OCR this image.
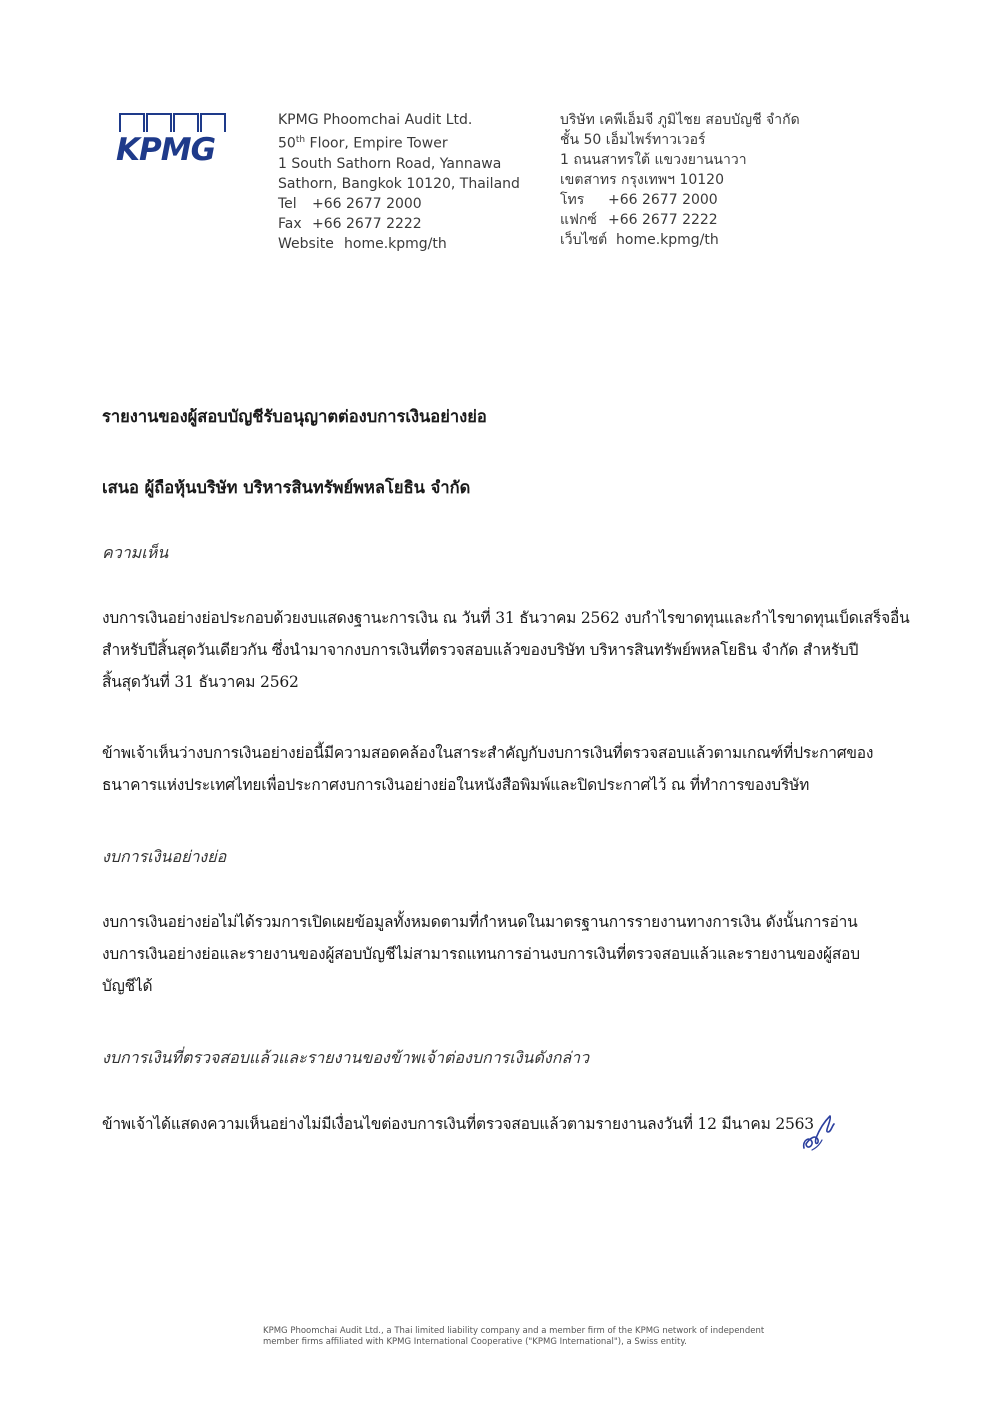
KPMG
KPMG Phoomchai Audit Ltd.
50th Floor, Empire Tower
1 South Sathorn Road, Yannawa
Sathorn, Bangkok 10120, Thailand
Tel +66 2677 2000
Fax +66 2677 2222
Website home.kpmg/th
บริษัท เคพีเอ็มจี ภูมิไชย สอบบัญชี จำกัด
ชั้น 50 เอ็มไพร์ทาวเวอร์
1 ถนนสาทรใต้ แขวงยานนาวา
เขตสาทร กรุงเทพฯ 10120
โทร +66 2677 2000
แฟกซ์ +66 2677 2222
เว็บไซต์ home.kpmg/th
รายงานของผู้สอบบัญชีรับอนุญาตต่องบการเงินอย่างย่อ
เสนอ ผู้ถือหุ้นบริษัท บริหารสินทรัพย์พหลโยธิน จำกัด
ความเห็น
งบการเงินอย่างย่อประกอบด้วยงบแสดงฐานะการเงิน ณ วันที่ 31 ธันวาคม 2562 งบกำไรขาดทุนและกำไรขาดทุนเบ็ดเสร็จอื่น
สำหรับปีสิ้นสุดวันเดียวกัน ซึ่งนำมาจากงบการเงินที่ตรวจสอบแล้วของบริษัท บริหารสินทรัพย์พหลโยธิน จำกัด สำหรับปี
สิ้นสุดวันที่ 31 ธันวาคม 2562
ข้าพเจ้าเห็นว่างบการเงินอย่างย่อนี้มีความสอดคล้องในสาระสำคัญกับงบการเงินที่ตรวจสอบแล้วตามเกณฑ์ที่ประกาศของ
ธนาคารแห่งประเทศไทยเพื่อประกาศงบการเงินอย่างย่อในหนังสือพิมพ์และปิดประกาศไว้ ณ ที่ทำการของบริษัท
งบการเงินอย่างย่อ
งบการเงินอย่างย่อไม่ได้รวมการเปิดเผยข้อมูลทั้งหมดตามที่กำหนดในมาตรฐานการรายงานทางการเงิน ดังนั้นการอ่าน
งบการเงินอย่างย่อและรายงานของผู้สอบบัญชีไม่สามารถแทนการอ่านงบการเงินที่ตรวจสอบแล้วและรายงานของผู้สอบ
บัญชีได้
งบการเงินที่ตรวจสอบแล้วและรายงานของข้าพเจ้าต่องบการเงินดังกล่าว
ข้าพเจ้าได้แสดงความเห็นอย่างไม่มีเงื่อนไขต่องบการเงินที่ตรวจสอบแล้วตามรายงานลงวันที่ 12 มีนาคม 2563
KPMG Phoomchai Audit Ltd., a Thai limited liability company and a member firm of the KPMG network of independent
member firms affiliated with KPMG International Cooperative ("KPMG International"), a Swiss entity.
